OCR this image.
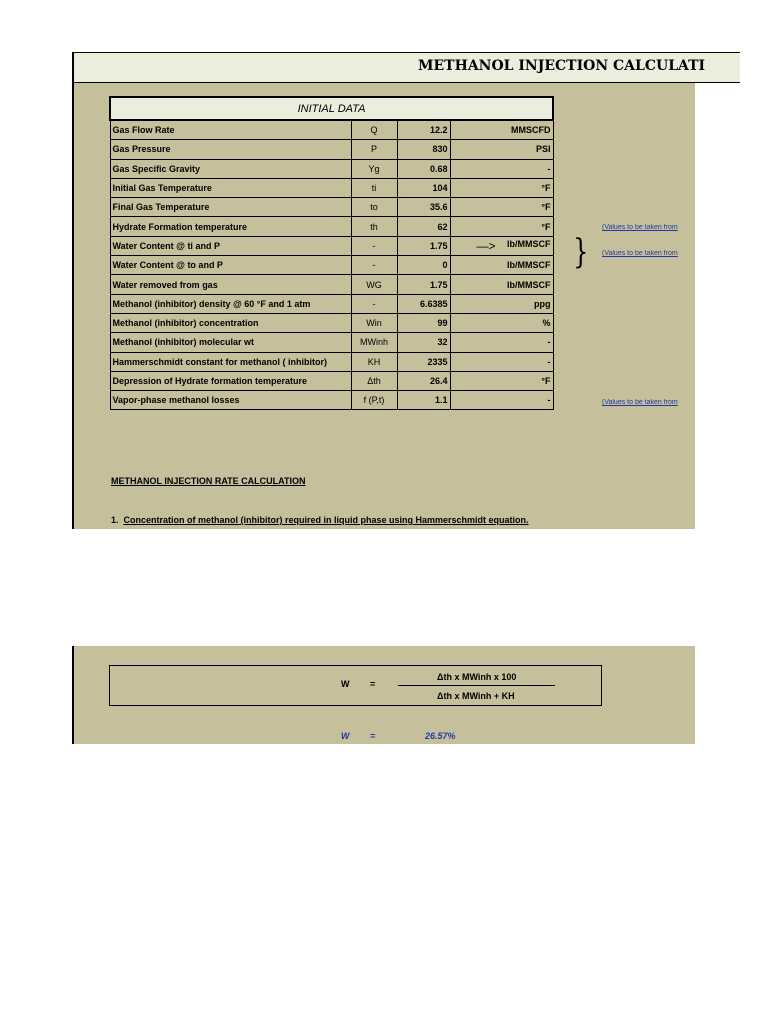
METHANOL INJECTION CALCULATI
INITIAL DATA			
Gas Flow Rate	Q	12.2	MMSCFD
Gas Pressure	P	830	PSI
Gas Specific Gravity	Yg	0.68	-
Initial Gas Temperature	ti	104	°F
Final Gas Temperature	to	35.6	°F
Hydrate Formation temperature	th	62	°F
Water Content @ ti and P	-	1.75	—> lb/MMSCF
Water Content @ to and P	-	0	lb/MMSCF
Water removed from gas	WG	1.75	lb/MMSCF
Methanol (inhibitor) density @ 60 °F and 1 atm	-	6.6385	ppg
Methanol (inhibitor) concentration	Win	99	%
Methanol (inhibitor) molecular wt	MWinh	32	-
Hammerschmidt constant for methanol ( inhibitor)	KH	2335	-
Depression of Hydrate formation temperature	Δth	26.4	°F
Vapor-phase methanol losses	f (P,t)	1.1	-
}
(Values to be taken from
(Values to be taken from
(Values to be taken from
METHANOL INJECTION RATE CALCULATION
1.  Concentration of methanol (inhibitor) required in liquid phase using Hammerschmidt equation.
W =
Δth x MWinh x 100
Δth x MWinh + KH
W =	26.57%
